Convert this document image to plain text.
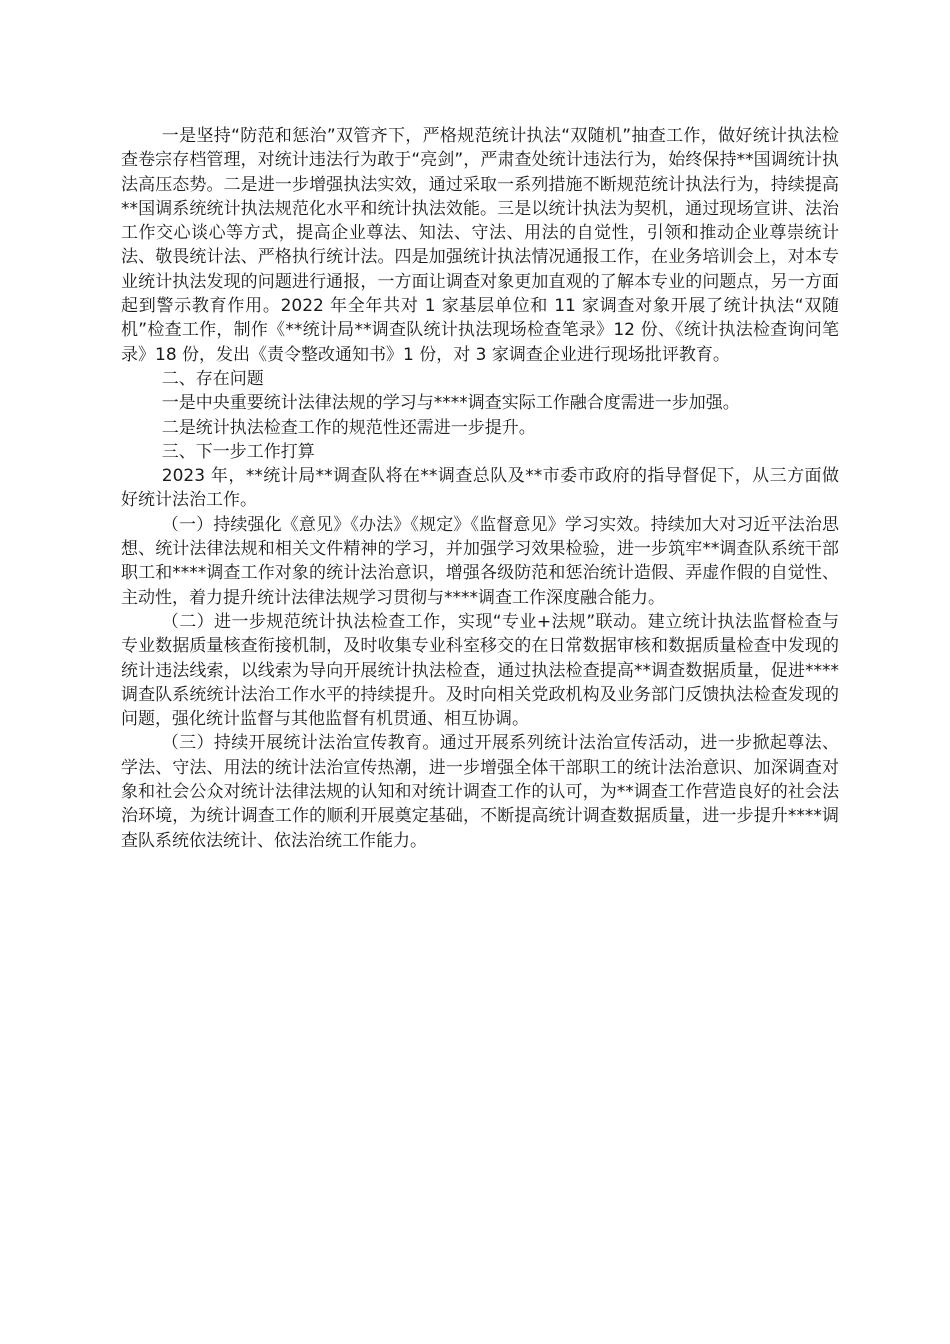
一是坚持“防范和惩治”双管齐下，严格规范统计执法“双随机”抽查工作，做好统计执法检查卷宗存档管理，对统计违法行为敢于“亮剑”，严肃查处统计违法行为，始终保持**国调统计执法高压态势。二是进一步增强执法实效，通过采取一系列措施不断规范统计执法行为，持续提高**国调系统统计执法规范化水平和统计执法效能。三是以统计执法为契机，通过现场宣讲、法治工作交心谈心等方式，提高企业尊法、知法、守法、用法的自觉性，引领和推动企业尊崇统计法、敬畏统计法、严格执行统计法。四是加强统计执法情况通报工作，在业务培训会上，对本专业统计执法发现的问题进行通报，一方面让调查对象更加直观的了解本专业的问题点，另一方面起到警示教育作用。2022 年全年共对 1 家基层单位和 11 家调查对象开展了统计执法“双随机”检查工作，制作《**统计局**调查队统计执法现场检查笔录》12 份、《统计执法检查询问笔录》18 份，发出《责令整改通知书》1 份，对 3 家调查企业进行现场批评教育。

二、存在问题

一是中央重要统计法律法规的学习与****调查实际工作融合度需进一步加强。

二是统计执法检查工作的规范性还需进一步提升。

三、下一步工作打算

2023 年，**统计局**调查队将在**调查总队及**市委市政府的指导督促下，从三方面做好统计法治工作。

（一）持续强化《意见》《办法》《规定》《监督意见》学习实效。持续加大对习近平法治思想、统计法律法规和相关文件精神的学习，并加强学习效果检验，进一步筑牢**调查队系统干部职工和****调查工作对象的统计法治意识，增强各级防范和惩治统计造假、弄虚作假的自觉性、主动性，着力提升统计法律法规学习贯彻与****调查工作深度融合能力。

（二）进一步规范统计执法检查工作，实现“专业+法规”联动。建立统计执法监督检查与专业数据质量核查衔接机制，及时收集专业科室移交的在日常数据审核和数据质量检查中发现的统计违法线索，以线索为导向开展统计执法检查，通过执法检查提高**调查数据质量，促进****调查队系统统计法治工作水平的持续提升。及时向相关党政机构及业务部门反馈执法检查发现的问题，强化统计监督与其他监督有机贯通、相互协调。

（三）持续开展统计法治宣传教育。通过开展系列统计法治宣传活动，进一步掀起尊法、学法、守法、用法的统计法治宣传热潮，进一步增强全体干部职工的统计法治意识、加深调查对象和社会公众对统计法律法规的认知和对统计调查工作的认可，为**调查工作营造良好的社会法治环境，为统计调查工作的顺利开展奠定基础，不断提高统计调查数据质量，进一步提升****调查队系统依法统计、依法治统工作能力。
